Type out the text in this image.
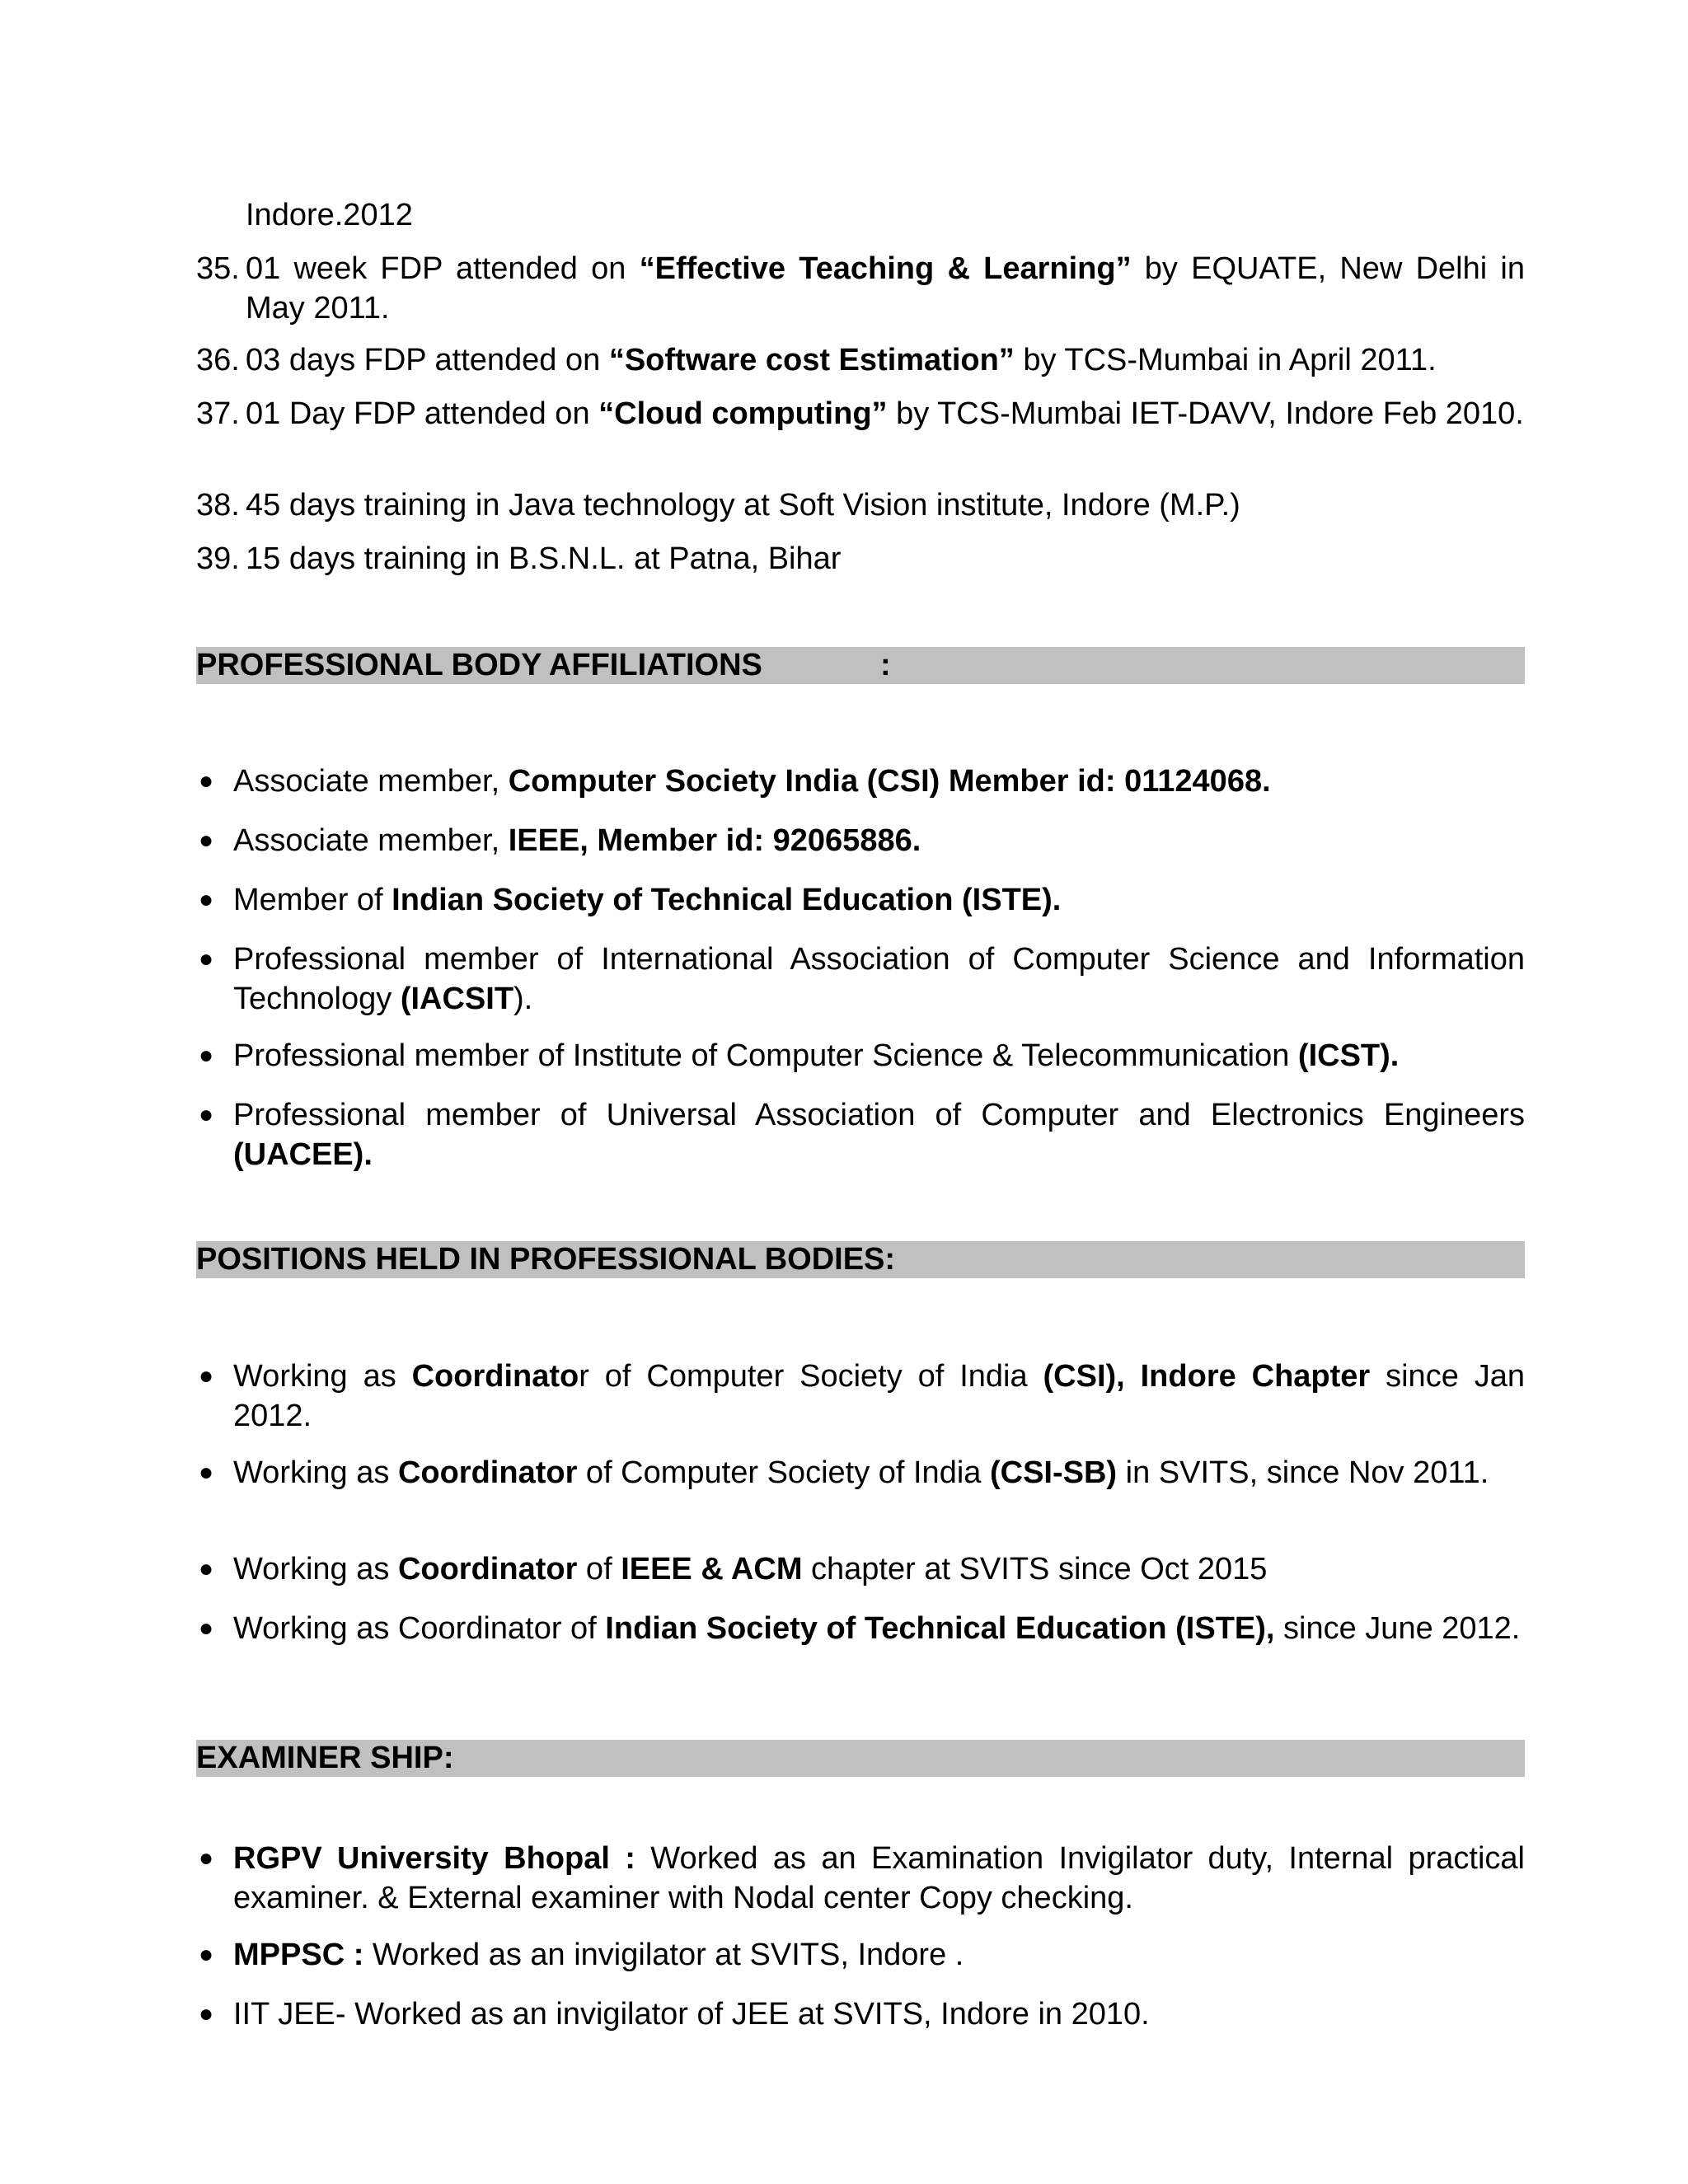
Indore.2012
35. 01 week FDP attended on “Effective Teaching & Learning” by EQUATE, New Delhi in May 2011.
36. 03 days FDP attended on “Software cost Estimation” by TCS-Mumbai in April 2011.
37. 01 Day FDP attended on “Cloud computing” by TCS-Mumbai IET-DAVV, Indore Feb 2010.
38. 45 days training in Java technology at Soft Vision institute, Indore (M.P.)
39. 15 days training in B.S.N.L. at Patna, Bihar
PROFESSIONAL BODY AFFILIATIONS	:
● Associate member, Computer Society India (CSI) Member id: 01124068.
● Associate member, IEEE, Member id: 92065886.
● Member of Indian Society of Technical Education (ISTE).
● Professional member of International Association of Computer Science and Information Technology (IACSIT).
● Professional member of Institute of Computer Science & Telecommunication (ICST).
● Professional member of Universal Association of Computer and Electronics Engineers (UACEE).
POSITIONS HELD IN PROFESSIONAL BODIES:
● Working as Coordinator of Computer Society of India (CSI), Indore Chapter since Jan 2012.
● Working as Coordinator of Computer Society of India (CSI-SB) in SVITS, since Nov 2011.
● Working as Coordinator of IEEE & ACM chapter at SVITS since Oct 2015
● Working as Coordinator of Indian Society of Technical Education (ISTE), since June 2012.
EXAMINER SHIP:
● RGPV University Bhopal : Worked as an Examination Invigilator duty, Internal practical examiner. & External examiner with Nodal center Copy checking.
● MPPSC : Worked as an invigilator at SVITS, Indore .
● IIT JEE- Worked as an invigilator of JEE at SVITS, Indore in 2010.
